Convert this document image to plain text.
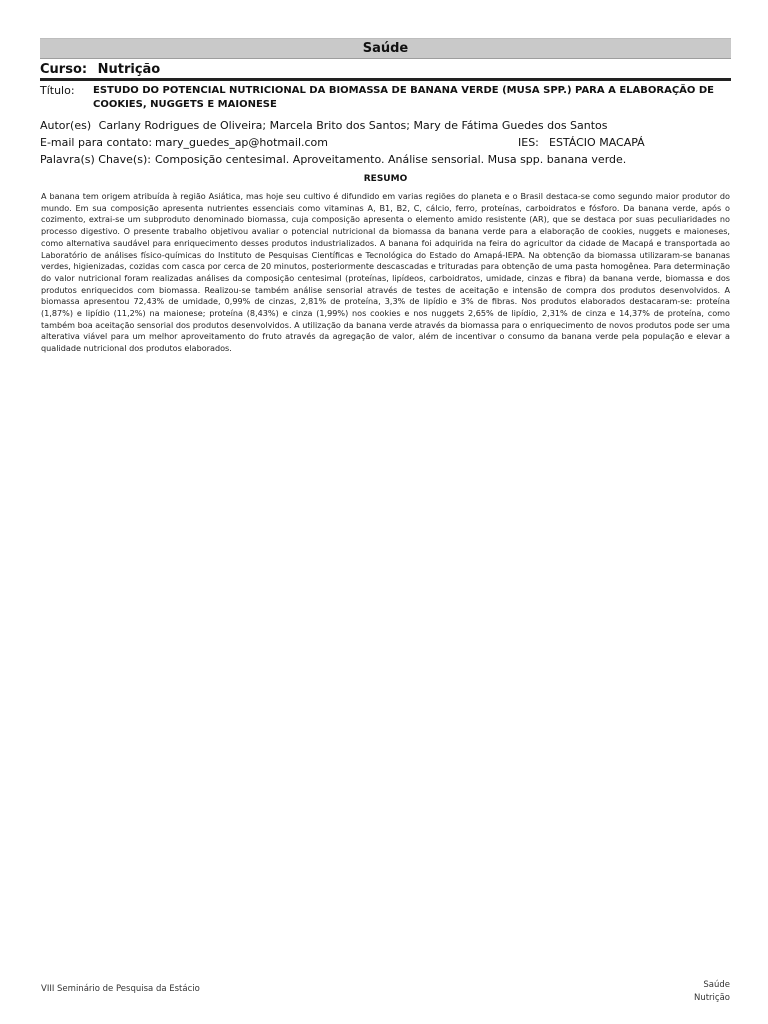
Saúde
Curso: Nutrição
Título: ESTUDO DO POTENCIAL NUTRICIONAL DA BIOMASSA DE BANANA VERDE (MUSA SPP.) PARA A ELABORAÇÃO DE COOKIES, NUGGETS E MAIONESE
Autor(es) Carlany Rodrigues de Oliveira; Marcela Brito dos Santos; Mary de Fátima Guedes dos Santos
E-mail para contato: mary_guedes_ap@hotmail.com	IES: ESTÁCIO MACAPÁ
Palavra(s) Chave(s): Composição centesimal. Aproveitamento. Análise sensorial. Musa spp. banana verde.
RESUMO
A banana tem origem atribuída à região Asiática, mas hoje seu cultivo é difundido em varias regiões do planeta e o Brasil destaca-se como segundo maior produtor do mundo. Em sua composição apresenta nutrientes essenciais como vitaminas A, B1, B2, C, cálcio, ferro, proteínas, carboidratos e fósforo. Da banana verde, após o cozimento, extrai-se um subproduto denominado biomassa, cuja composição apresenta o elemento amido resistente (AR), que se destaca por suas peculiaridades no processo digestivo. O presente trabalho objetivou avaliar o potencial nutricional da biomassa da banana verde para a elaboração de cookies, nuggets e maioneses, como alternativa saudável para enriquecimento desses produtos industrializados. A banana foi adquirida na feira do agricultor da cidade de Macapá e transportada ao Laboratório de análises físico-químicas do Instituto de Pesquisas Científicas e Tecnológica do Estado do Amapá-IEPA. Na obtenção da biomassa utilizaram-se bananas verdes, higienizadas, cozidas com casca por cerca de 20 minutos, posteriormente descascadas e trituradas para obtenção de uma pasta homogênea. Para determinação do valor nutricional foram realizadas análises da composição centesimal (proteínas, lipídeos, carboidratos, umidade, cinzas e fibra) da banana verde, biomassa e dos produtos enriquecidos com biomassa. Realizou-se também análise sensorial através de testes de aceitação e intensão de compra dos produtos desenvolvidos. A biomassa apresentou 72,43% de umidade, 0,99% de cinzas, 2,81% de proteína, 3,3% de lipídio e 3% de fibras. Nos produtos elaborados destacaram-se: proteína (1,87%) e lipídio (11,2%) na maionese; proteína (8,43%) e cinza (1,99%) nos cookies e nos nuggets 2,65% de lipídio, 2,31% de cinza e 14,37% de proteína, como também boa aceitação sensorial dos produtos desenvolvidos. A utilização da banana verde através da biomassa para o enriquecimento de novos produtos pode ser uma alterativa viável para um melhor aproveitamento do fruto através da agregação de valor, além de incentivar o consumo da banana verde pela população e elevar a qualidade nutricional dos produtos elaborados.
VIII Seminário de Pesquisa da Estácio	Saúde
Nutrição
